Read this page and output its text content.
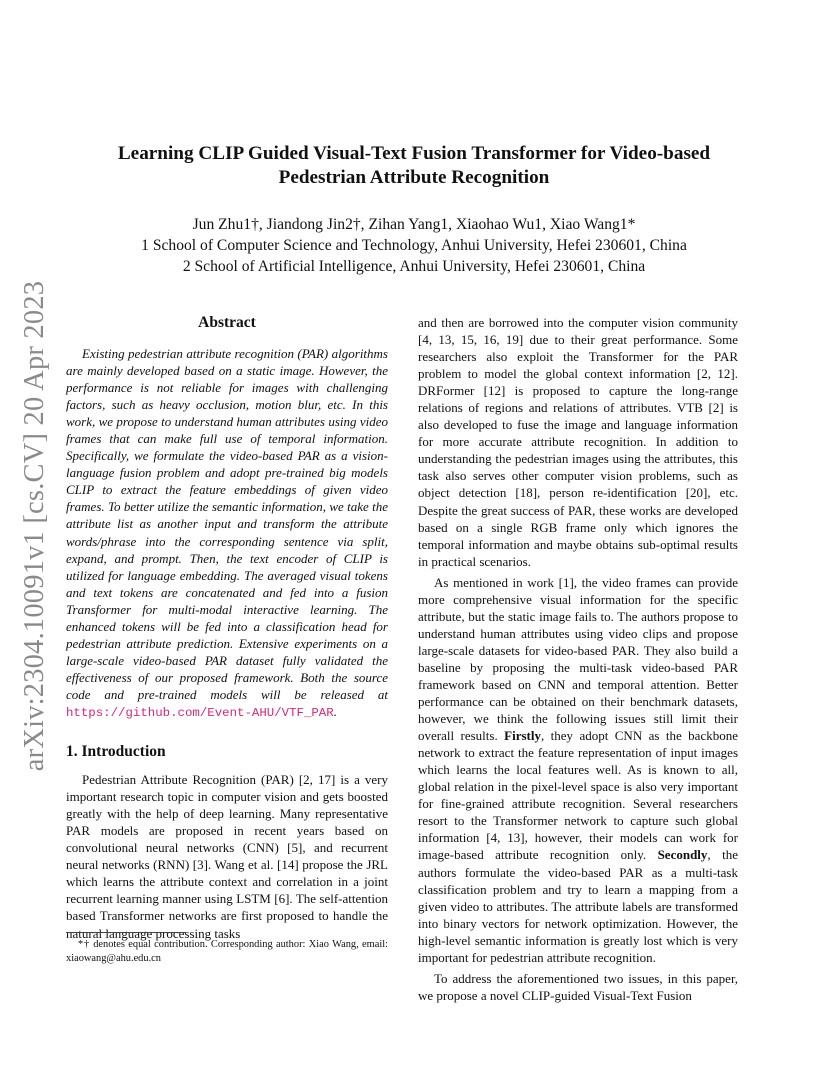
arXiv:2304.10091v1 [cs.CV] 20 Apr 2023
Learning CLIP Guided Visual-Text Fusion Transformer for Video-based
Pedestrian Attribute Recognition
Jun Zhu1†, Jiandong Jin2†, Zihan Yang1, Xiaohao Wu1, Xiao Wang1*
1 School of Computer Science and Technology, Anhui University, Hefei 230601, China
2 School of Artificial Intelligence, Anhui University, Hefei 230601, China
Abstract

Existing pedestrian attribute recognition (PAR) algorithms are mainly developed based on a static image. However, the performance is not reliable for images with challenging factors, such as heavy occlusion, motion blur, etc. In this work, we propose to understand human attributes using video frames that can make full use of temporal information. Specifically, we formulate the video-based PAR as a vision-language fusion problem and adopt pre-trained big models CLIP to extract the feature embeddings of given video frames. To better utilize the semantic information, we take the attribute list as another input and transform the attribute words/phrase into the corresponding sentence via split, expand, and prompt. Then, the text encoder of CLIP is utilized for language embedding. The averaged visual tokens and text tokens are concatenated and fed into a fusion Transformer for multi-modal interactive learning. The enhanced tokens will be fed into a classification head for pedestrian attribute prediction. Extensive experiments on a large-scale video-based PAR dataset fully validated the effectiveness of our proposed framework. Both the source code and pre-trained models will be released at https://github.com/Event-AHU/VTF_PAR.

1. Introduction

Pedestrian Attribute Recognition (PAR) [2, 17] is a very important research topic in computer vision and gets boosted greatly with the help of deep learning. Many representative PAR models are proposed in recent years based on convolutional neural networks (CNN) [5], and recurrent neural networks (RNN) [3]. Wang et al. [14] propose the JRL which learns the attribute context and correlation in a joint recurrent learning manner using LSTM [6]. The self-attention based Transformer networks are first proposed to handle the natural language processing tasks

*† denotes equal contribution. Corresponding author: Xiao Wang, email: xiaowang@ahu.edu.cn

and then are borrowed into the computer vision community [4, 13, 15, 16, 19] due to their great performance. Some researchers also exploit the Transformer for the PAR problem to model the global context information [2, 12]. DRFormer [12] is proposed to capture the long-range relations of regions and relations of attributes. VTB [2] is also developed to fuse the image and language information for more accurate attribute recognition. In addition to understanding the pedestrian images using the attributes, this task also serves other computer vision problems, such as object detection [18], person re-identification [20], etc. Despite the great success of PAR, these works are developed based on a single RGB frame only which ignores the temporal information and maybe obtains sub-optimal results in practical scenarios.

As mentioned in work [1], the video frames can provide more comprehensive visual information for the specific attribute, but the static image fails to. The authors propose to understand human attributes using video clips and propose large-scale datasets for video-based PAR. They also build a baseline by proposing the multi-task video-based PAR framework based on CNN and temporal attention. Better performance can be obtained on their benchmark datasets, however, we think the following issues still limit their overall results. Firstly, they adopt CNN as the backbone network to extract the feature representation of input images which learns the local features well. As is known to all, global relation in the pixel-level space is also very important for fine-grained attribute recognition. Several researchers resort to the Transformer network to capture such global information [4, 13], however, their models can work for image-based attribute recognition only. Secondly, the authors formulate the video-based PAR as a multi-task classification problem and try to learn a mapping from a given video to attributes. The attribute labels are transformed into binary vectors for network optimization. However, the high-level semantic information is greatly lost which is very important for pedestrian attribute recognition.

To address the aforementioned two issues, in this paper, we propose a novel CLIP-guided Visual-Text Fusion
